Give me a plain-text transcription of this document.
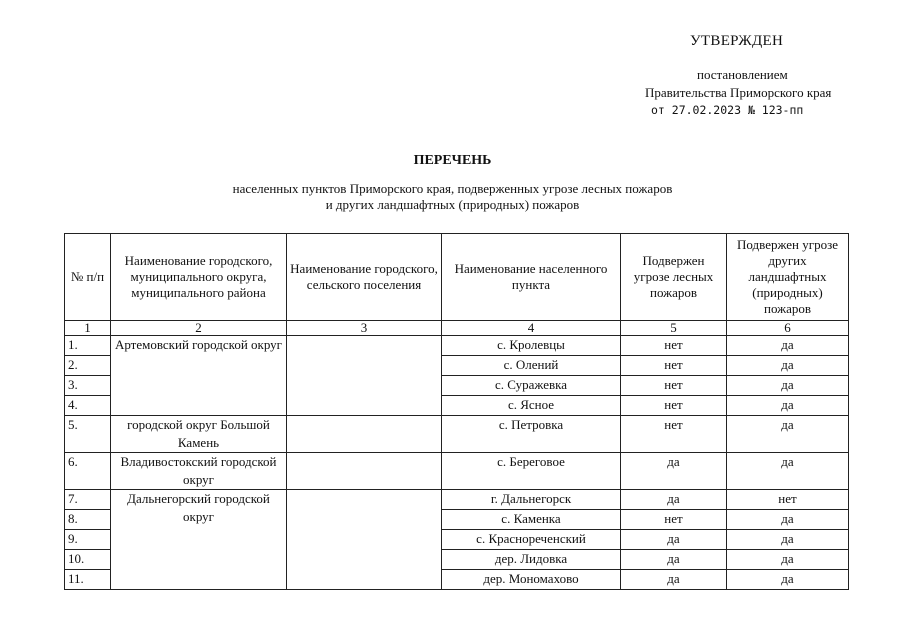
УТВЕРЖДЕН
постановлением
Правительства Приморского края
от 27.02.2023 № 123-пп
ПЕРЕЧЕНЬ
населенных пунктов Приморского края, подверженных угрозе лесных пожаров
и других ландшафтных (природных) пожаров
№ п/п	Наименование городского, муниципального округа, муниципального района	Наименование городского, сельского поселения	Наименование населенного пункта	Подвержен угрозе лесных пожаров	Подвержен угрозе других ландшафтных (природных) пожаров
1	2	3	4	5	6
1.	Артемовский городской округ		с. Кролевцы	нет	да
2.			с. Олений	нет	да
3.			с. Суражевка	нет	да
4.			с. Ясное	нет	да
5.	городской округ Большой Камень		с. Петровка	нет	да
6.	Владивостокский городской округ		с. Береговое	да	да
7.	Дальнегорский городской округ		г. Дальнегорск	да	нет
8.			с. Каменка	нет	да
9.			с. Краснореченский	да	да
10.			дер. Лидовка	да	да
11.			дер. Мономахово	да	да
